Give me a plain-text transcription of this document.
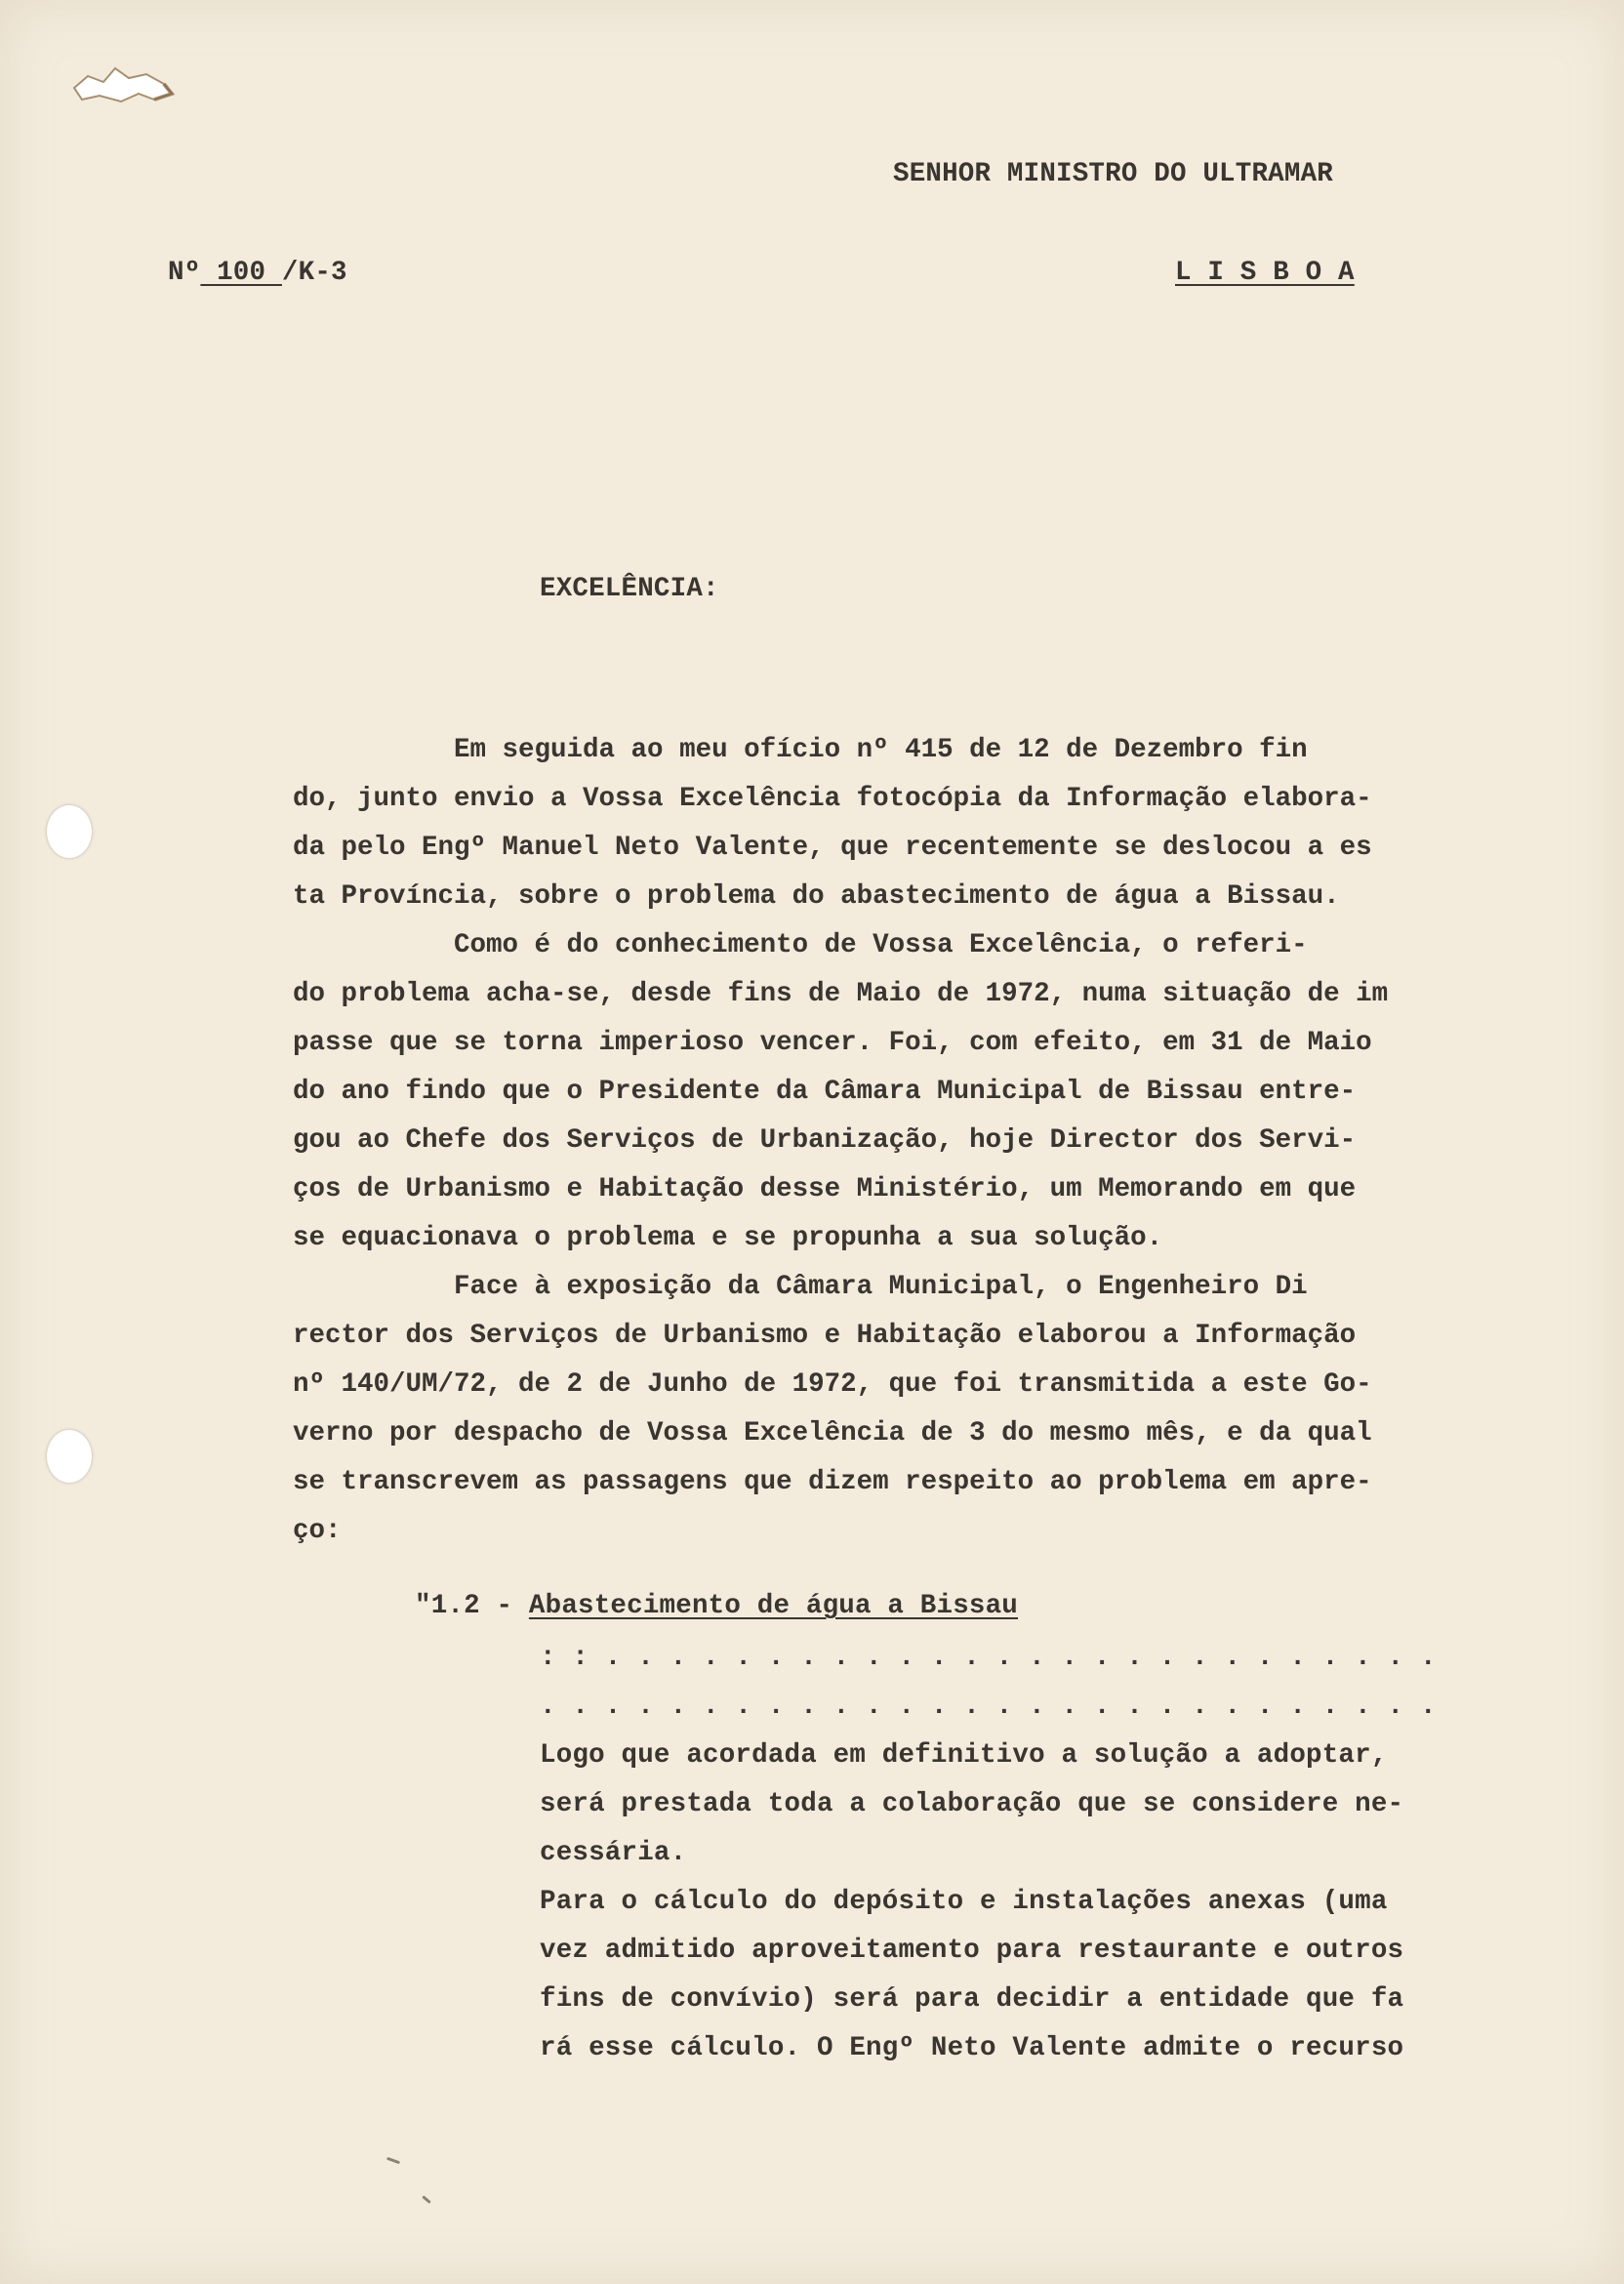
SENHOR MINISTRO DO ULTRAMAR
Nº 100 /K-3	L I S B O A
EXCELÊNCIA:
Em seguida ao meu ofício nº 415 de 12 de Dezembro fin
do, junto envio a Vossa Excelência fotocópia da Informação elabora-
da pelo Engº Manuel Neto Valente, que recentemente se deslocou a es
ta Província, sobre o problema do abastecimento de água a Bissau.
Como é do conhecimento de Vossa Excelência, o referi-
do problema acha-se, desde fins de Maio de 1972, numa situação de im
passe que se torna imperioso vencer. Foi, com efeito, em 31 de Maio
do ano findo que o Presidente da Câmara Municipal de Bissau entre-
gou ao Chefe dos Serviços de Urbanização, hoje Director dos Servi-
ços de Urbanismo e Habitação desse Ministério, um Memorando em que
se equacionava o problema e se propunha a sua solução.
Face à exposição da Câmara Municipal, o Engenheiro Di
rector dos Serviços de Urbanismo e Habitação elaborou a Informação
nº 140/UM/72, de 2 de Junho de 1972, que foi transmitida a este Go-
verno por despacho de Vossa Excelência de 3 do mesmo mês, e da qual
se transcrevem as passagens que dizem respeito ao problema em apre-
ço:
"1.2 - Abastecimento de água a Bissau
: : . . . . . . . . . . . . . . . . . . . . . . . . . .
. . . . . . . . . . . . . . . . . . . . . . . . . . . .
Logo que acordada em definitivo a solução a adoptar,
será prestada toda a colaboração que se considere ne-
cessária.
Para o cálculo do depósito e instalações anexas (uma
vez admitido aproveitamento para restaurante e outros
fins de convívio) será para decidir a entidade que fa
rá esse cálculo. O Engº Neto Valente admite o recurso
